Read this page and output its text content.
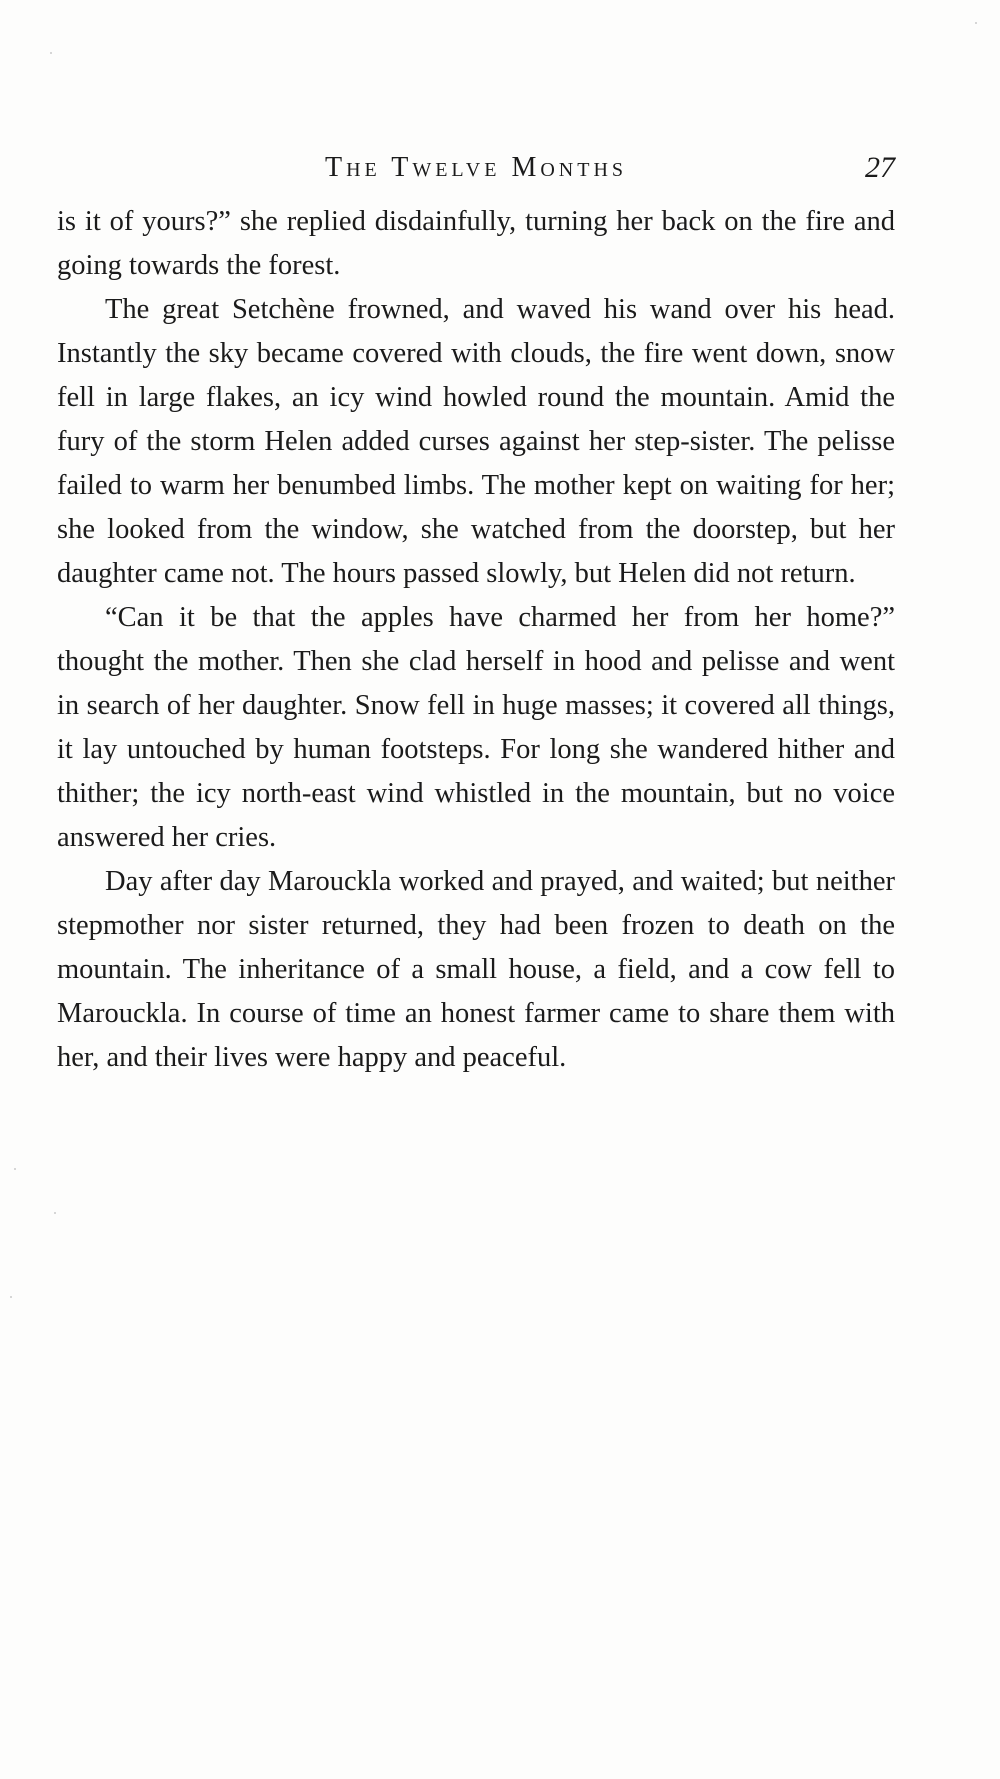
The Twelve Months	27

is it of yours?” she replied disdainfully, turning her back on the fire and going towards the forest.

The great Setchène frowned, and waved his wand over his head. Instantly the sky became covered with clouds, the fire went down, snow fell in large flakes, an icy wind howled round the mountain. Amid the fury of the storm Helen added curses against her step-sister. The pelisse failed to warm her benumbed limbs. The mother kept on waiting for her; she looked from the window, she watched from the doorstep, but her daughter came not. The hours passed slowly, but Helen did not return.

“Can it be that the apples have charmed her from her home?” thought the mother. Then she clad herself in hood and pelisse and went in search of her daughter. Snow fell in huge masses; it covered all things, it lay untouched by human footsteps. For long she wandered hither and thither; the icy north-east wind whistled in the mountain, but no voice answered her cries.

Day after day Marouckla worked and prayed, and waited; but neither stepmother nor sister returned, they had been frozen to death on the mountain. The inheritance of a small house, a field, and a cow fell to Marouckla. In course of time an honest farmer came to share them with her, and their lives were happy and peaceful.
